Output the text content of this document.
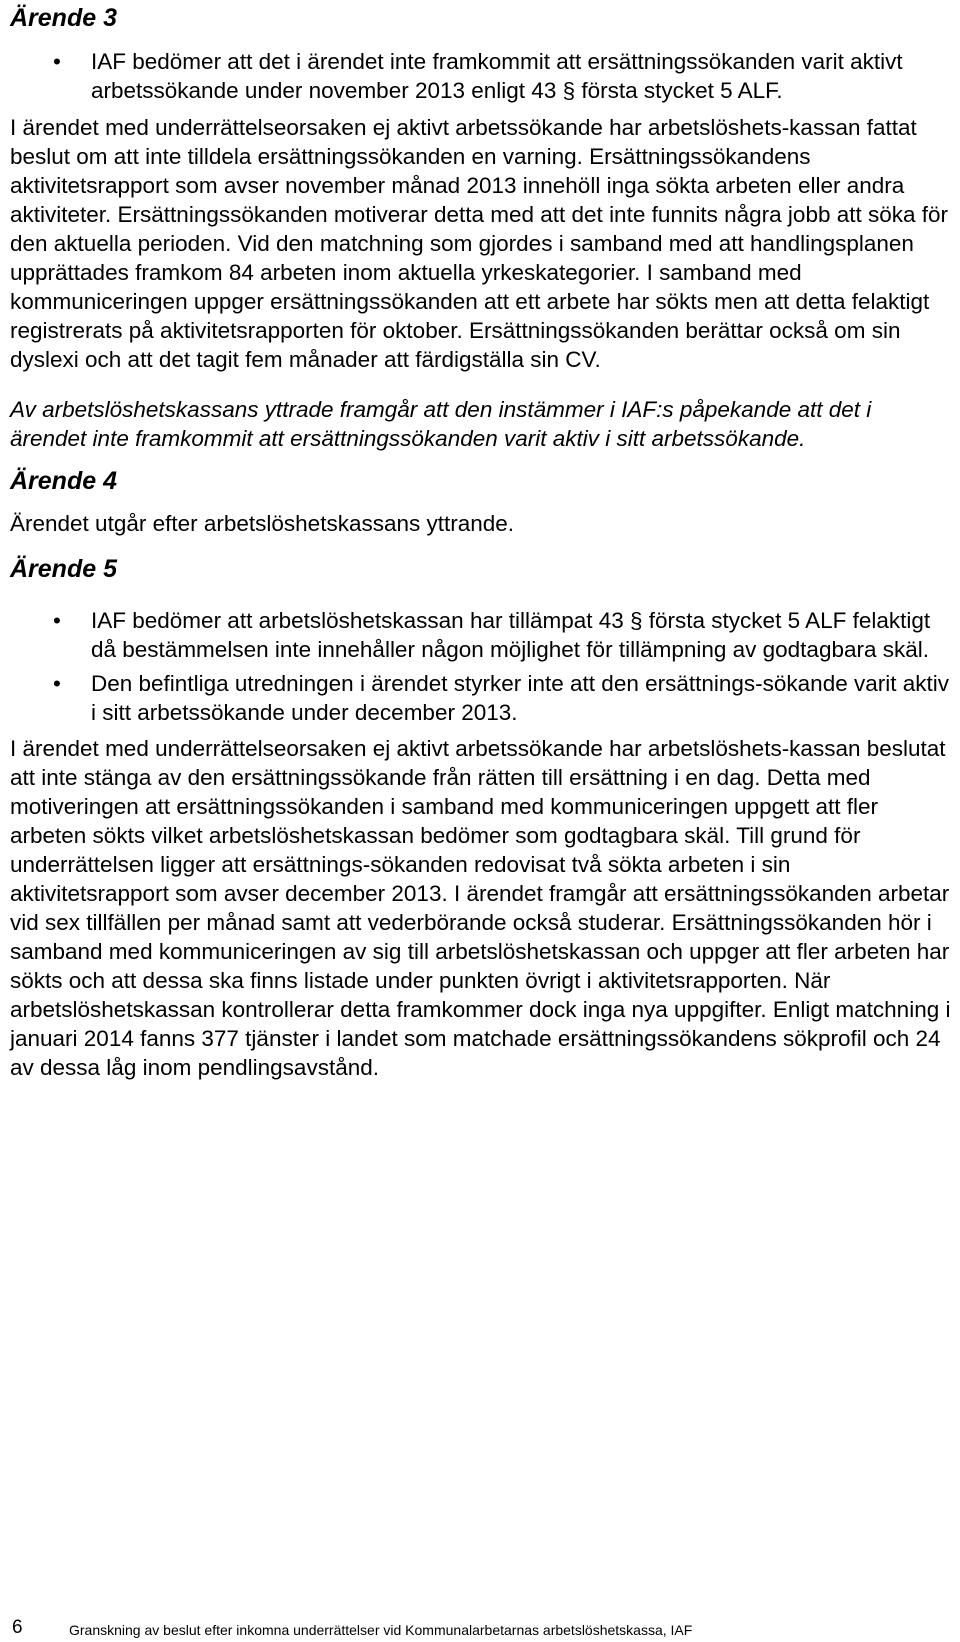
Ärende 3
• IAF bedömer att det i ärendet inte framkommit att ersättningssökanden varit aktivt arbetssökande under november 2013 enligt 43 § första stycket 5 ALF.

I ärendet med underrättelseorsaken ej aktivt arbetssökande har arbetslöshets-kassan fattat beslut om att inte tilldela ersättningssökanden en varning. Ersättningssökandens aktivitetsrapport som avser november månad 2013 innehöll inga sökta arbeten eller andra aktiviteter. Ersättningssökanden motiverar detta med att det inte funnits några jobb att söka för den aktuella perioden. Vid den matchning som gjordes i samband med att handlingsplanen upprättades framkom 84 arbeten inom aktuella yrkeskategorier. I samband med kommuniceringen uppger ersättningssökanden att ett arbete har sökts men att detta felaktigt registrerats på aktivitetsrapporten för oktober. Ersättningssökanden berättar också om sin dyslexi och att det tagit fem månader att färdigställa sin CV.

Av arbetslöshetskassans yttrade framgår att den instämmer i IAF:s påpekande att det i ärendet inte framkommit att ersättningssökanden varit aktiv i sitt arbetssökande.

Ärende 4

Ärendet utgår efter arbetslöshetskassans yttrande.

Ärende 5
• IAF bedömer att arbetslöshetskassan har tillämpat 43 § första stycket 5 ALF felaktigt då bestämmelsen inte innehåller någon möjlighet för tillämpning av godtagbara skäl.
• Den befintliga utredningen i ärendet styrker inte att den ersättnings-sökande varit aktiv i sitt arbetssökande under december 2013.

I ärendet med underrättelseorsaken ej aktivt arbetssökande har arbetslöshets-kassan beslutat att inte stänga av den ersättningssökande från rätten till ersättning i en dag. Detta med motiveringen att ersättningssökanden i samband med kommuniceringen uppgett att fler arbeten sökts vilket arbetslöshetskassan bedömer som godtagbara skäl. Till grund för underrättelsen ligger att ersättnings-sökanden redovisat två sökta arbeten i sin aktivitetsrapport som avser december 2013. I ärendet framgår att ersättningssökanden arbetar vid sex tillfällen per månad samt att vederbörande också studerar. Ersättningssökanden hör i samband med kommuniceringen av sig till arbetslöshetskassan och uppger att fler arbeten har sökts och att dessa ska finns listade under punkten övrigt i aktivitetsrapporten. När arbetslöshetskassan kontrollerar detta framkommer dock inga nya uppgifter. Enligt matchning i januari 2014 fanns 377 tjänster i landet som matchade ersättningssökandens sökprofil och 24 av dessa låg inom pendlingsavstånd.

6	Granskning av beslut efter inkomna underrättelser vid Kommunalarbetarnas arbetslöshetskassa, IAF
